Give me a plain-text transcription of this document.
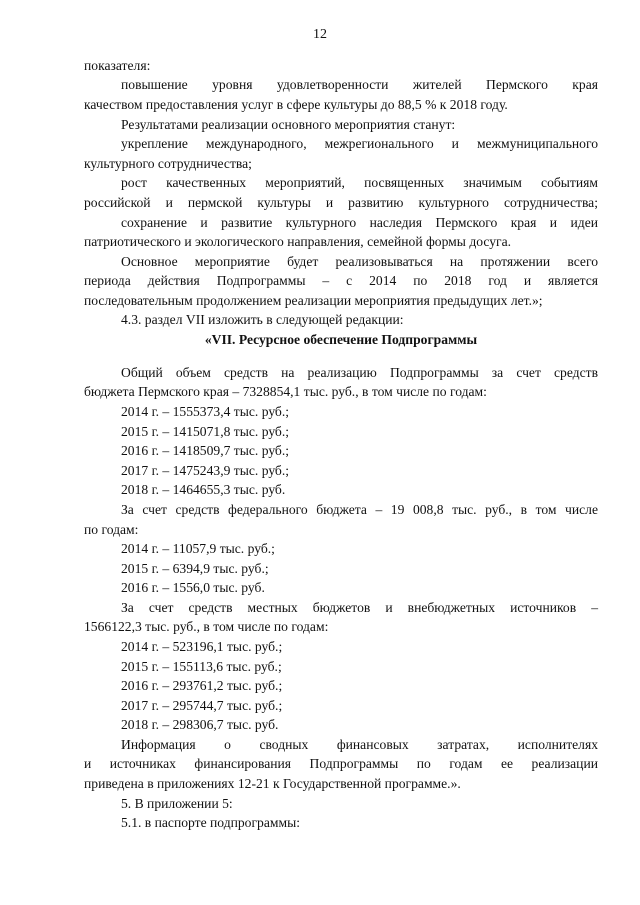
12
показателя:
повышение уровня удовлетворенности жителей Пермского края
качеством предоставления услуг в сфере культуры до 88,5 % к 2018 году.
Результатами реализации основного мероприятия станут:
укрепление международного, межрегионального и межмуниципального
культурного сотрудничества;
рост качественных мероприятий, посвященных значимым событиям
российской и пермской культуры и развитию культурного сотрудничества;
сохранение и развитие культурного наследия Пермского края и идеи
патриотического и экологического направления, семейной формы досуга.
Основное мероприятие будет реализовываться на протяжении всего
периода действия Подпрограммы – с 2014 по 2018 год и является
последовательным продолжением реализации мероприятия предыдущих лет.»;
4.3. раздел VII изложить в следующей редакции:
«VII. Ресурсное обеспечение Подпрограммы
Общий объем средств на реализацию Подпрограммы за счет средств
бюджета Пермского края – 7328854,1 тыс. руб., в том числе по годам:
2014 г. – 1555373,4 тыс. руб.;
2015 г. – 1415071,8 тыс. руб.;
2016 г. – 1418509,7 тыс. руб.;
2017 г. – 1475243,9 тыс. руб.;
2018 г. – 1464655,3 тыс. руб.
За счет средств федерального бюджета – 19 008,8 тыс. руб., в том числе
по годам:
2014 г. – 11057,9 тыс. руб.;
2015 г. – 6394,9 тыс. руб.;
2016 г. – 1556,0 тыс. руб.
За счет средств местных бюджетов и внебюджетных источников –
1566122,3 тыс. руб., в том числе по годам:
2014 г. – 523196,1 тыс. руб.;
2015 г. – 155113,6 тыс. руб.;
2016 г. – 293761,2 тыс. руб.;
2017 г. – 295744,7 тыс. руб.;
2018 г. – 298306,7 тыс. руб.
Информация о сводных финансовых затратах, исполнителях
и источниках финансирования Подпрограммы по годам ее реализации
приведена в приложениях 12-21 к Государственной программе.».
5. В приложении 5:
5.1. в паспорте подпрограммы:
